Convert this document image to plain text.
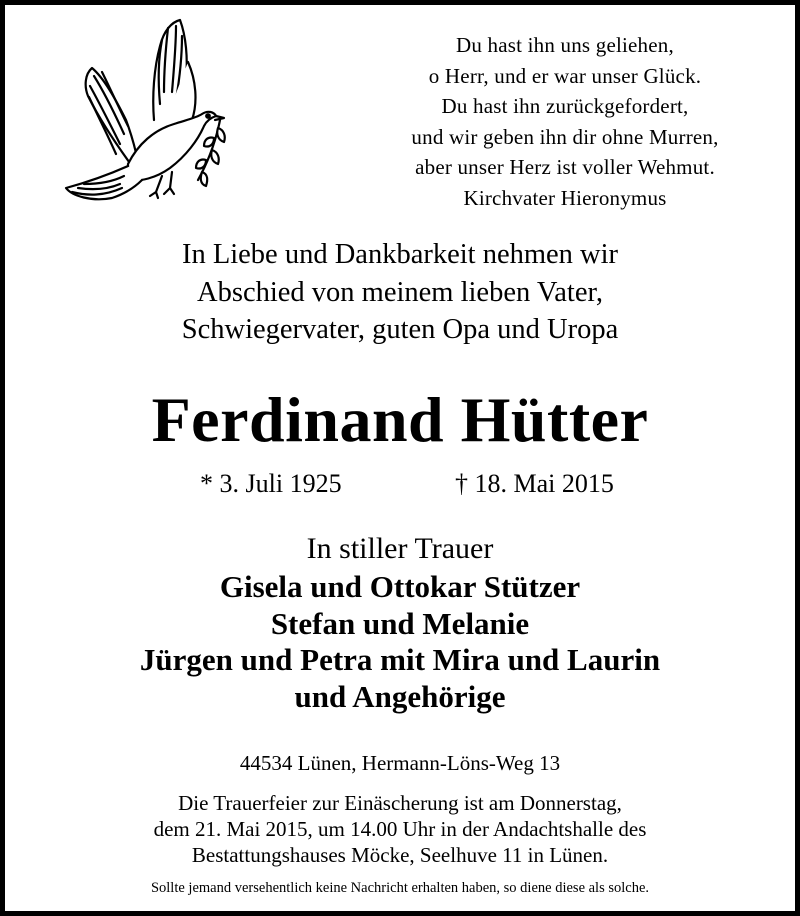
Du hast ihn uns geliehen,
o Herr, und er war unser Glück.
Du hast ihn zurückgefordert,
und wir geben ihn dir ohne Murren,
aber unser Herz ist voller Wehmut.
Kirchvater Hieronymus
In Liebe und Dankbarkeit nehmen wir
Abschied von meinem lieben Vater,
Schwiegervater, guten Opa und Uropa
Ferdinand Hütter
* 3. Juli 1925	† 18. Mai 2015
In stiller Trauer
Gisela und Ottokar Stützer
Stefan und Melanie
Jürgen und Petra mit Mira und Laurin
und Angehörige
44534 Lünen, Hermann-Löns-Weg 13
Die Trauerfeier zur Einäscherung ist am Donnerstag,
dem 21. Mai 2015, um 14.00 Uhr in der Andachtshalle des
Bestattungshauses Möcke, Seelhuve 11 in Lünen.
Sollte jemand versehentlich keine Nachricht erhalten haben, so diene diese als solche.
